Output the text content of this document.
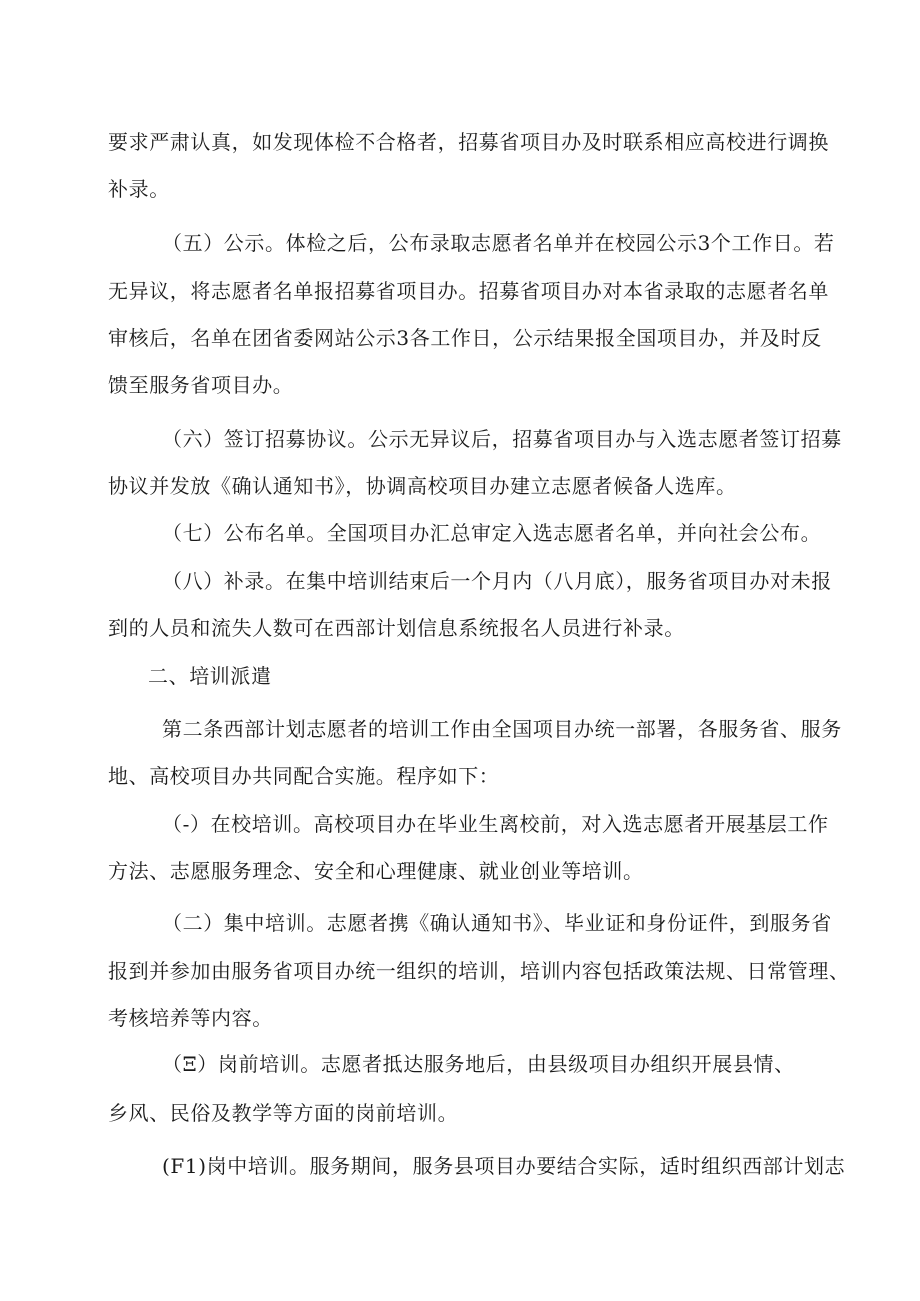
要求严肃认真，如发现体检不合格者，招募省项目办及时联系相应高校进行调换
补录。
（五）公示。体检之后，公布录取志愿者名单并在校园公示3个工作日。若
无异议，将志愿者名单报招募省项目办。招募省项目办对本省录取的志愿者名单
审核后，名单在团省委网站公示3各工作日，公示结果报全国项目办，并及时反
馈至服务省项目办。
（六）签订招募协议。公示无异议后，招募省项目办与入选志愿者签订招募
协议并发放《确认通知书》，协调高校项目办建立志愿者候备人选库。
（七）公布名单。全国项目办汇总审定入选志愿者名单，并向社会公布。
（八）补录。在集中培训结束后一个月内（八月底），服务省项目办对未报
到的人员和流失人数可在西部计划信息系统报名人员进行补录。
二、培训派遣
第二条西部计划志愿者的培训工作由全国项目办统一部署，各服务省、服务
地、高校项目办共同配合实施。程序如下：
（-）在校培训。高校项目办在毕业生离校前，对入选志愿者开展基层工作
方法、志愿服务理念、安全和心理健康、就业创业等培训。
（二）集中培训。志愿者携《确认通知书》、毕业证和身份证件，到服务省
报到并参加由服务省项目办统一组织的培训，培训内容包括政策法规、日常管理、
考核培养等内容。
（Ξ）岗前培训。志愿者抵达服务地后，由县级项目办组织开展县情、
乡风、民俗及教学等方面的岗前培训。
(F1)岗中培训。服务期间，服务县项目办要结合实际，适时组织西部计划志
